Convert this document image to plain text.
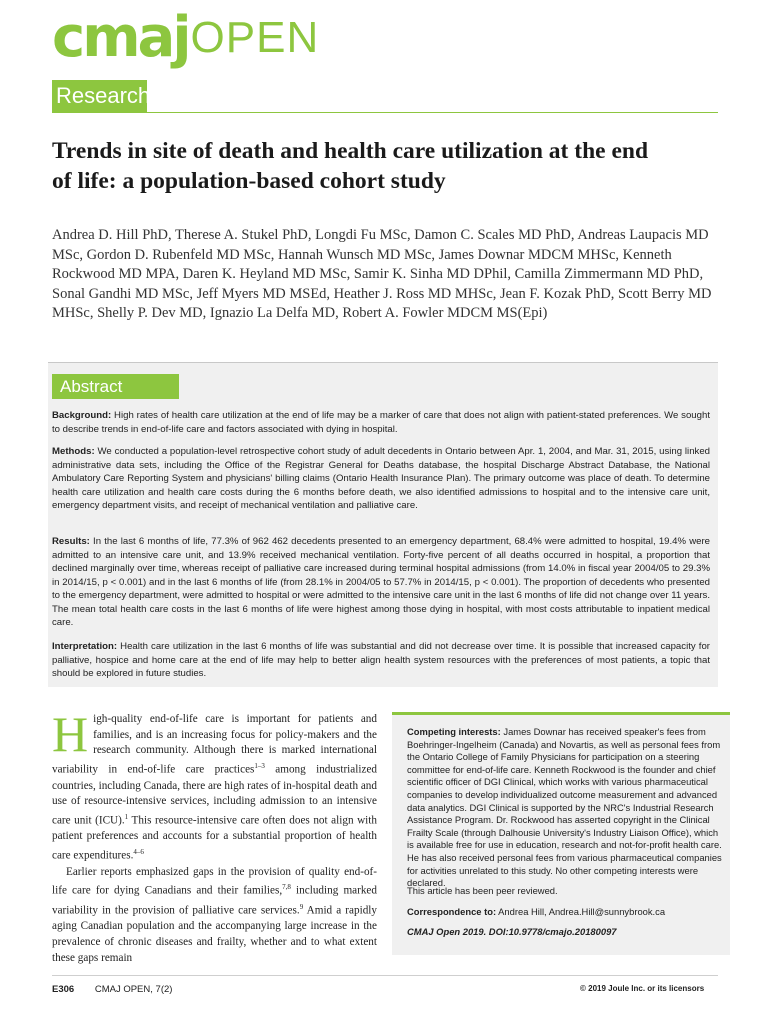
cmajOPEN
Research
Trends in site of death and health care utilization at the end of life: a population-based cohort study

Andrea D. Hill PhD, Therese A. Stukel PhD, Longdi Fu MSc, Damon C. Scales MD PhD, Andreas Laupacis MD MSc, Gordon D. Rubenfeld MD MSc, Hannah Wunsch MD MSc, James Downar MDCM MHSc, Kenneth Rockwood MD MPA, Daren K. Heyland MD MSc, Samir K. Sinha MD DPhil, Camilla Zimmermann MD PhD, Sonal Gandhi MD MSc, Jeff Myers MD MSEd, Heather J. Ross MD MHSc, Jean F. Kozak PhD, Scott Berry MD MHSc, Shelly P. Dev MD, Ignazio La Delfa MD, Robert A. Fowler MDCM MS(Epi)

Abstract

Background: High rates of health care utilization at the end of life may be a marker of care that does not align with patient-stated preferences. We sought to describe trends in end-of-life care and factors associated with dying in hospital.

Methods: We conducted a population-level retrospective cohort study of adult decedents in Ontario between Apr. 1, 2004, and Mar. 31, 2015, using linked administrative data sets, including the Office of the Registrar General for Deaths database, the hospital Discharge Abstract Database, the National Ambulatory Care Reporting System and physicians' billing claims (Ontario Health Insurance Plan). The primary outcome was place of death. To determine health care utilization and health care costs during the 6 months before death, we also identified admissions to hospital and to the intensive care unit, emergency department visits, and receipt of mechanical ventilation and palliative care.

Results: In the last 6 months of life, 77.3% of 962 462 decedents presented to an emergency department, 68.4% were admitted to hospital, 19.4% were admitted to an intensive care unit, and 13.9% received mechanical ventilation. Forty-five percent of all deaths occurred in hospital, a proportion that declined marginally over time, whereas receipt of palliative care increased during terminal hospital admissions (from 14.0% in fiscal year 2004/05 to 29.3% in 2014/15, p < 0.001) and in the last 6 months of life (from 28.1% in 2004/05 to 57.7% in 2014/15, p < 0.001). The proportion of decedents who presented to the emergency department, were admitted to hospital or were admitted to the intensive care unit in the last 6 months of life did not change over 11 years. The mean total health care costs in the last 6 months of life were highest among those dying in hospital, with most costs attributable to inpatient medical care.

Interpretation: Health care utilization in the last 6 months of life was substantial and did not decrease over time. It is possible that increased capacity for palliative, hospice and home care at the end of life may help to better align health system resources with the preferences of most patients, a topic that should be explored in future studies.

High-quality end-of-life care is important for patients and families, and is an increasing focus for policy-makers and the research community. Although there is marked international variability in end-of-life care practices$^{1-3}$ among industrialized countries, including Canada, there are high rates of in-hospital death and use of resource-intensive services, including admission to an intensive care unit (ICU).$^1$ This resource-intensive care often does not align with patient preferences and accounts for a substantial proportion of health care expenditures.$^{4-6}$

Earlier reports emphasized gaps in the provision of quality end-of-life care for dying Canadians and their families,$^{7,8}$ including marked variability in the provision of palliative care services.$^9$ Amid a rapidly aging Canadian population and the accompanying large increase in the prevalence of chronic diseases and frailty, whether and to what extent these gaps remain

Competing interests: James Downar has received speaker's fees from Boehringer-Ingelheim (Canada) and Novartis, as well as personal fees from the Ontario College of Family Physicians for participation on a steering committee for end-of-life care. Kenneth Rockwood is the founder and chief scientific officer of DGI Clinical, which works with various pharmaceutical companies to develop individualized outcome measurement and advanced data analytics. DGI Clinical is supported by the NRC's Industrial Research Assistance Program. Dr. Rockwood has asserted copyright in the Clinical Frailty Scale (through Dalhousie University's Industry Liaison Office), which is available free for use in education, research and not-for-profit health care. He has also received personal fees from various pharmaceutical companies for activities unrelated to this study. No other competing interests were declared.

This article has been peer reviewed.

Correspondence to: Andrea Hill, Andrea.Hill@sunnybrook.ca

CMAJ Open 2019. DOI:10.9778/cmajo.20180097

E306 CMAJ OPEN, 7(2)	© 2019 Joule Inc. or its licensors
